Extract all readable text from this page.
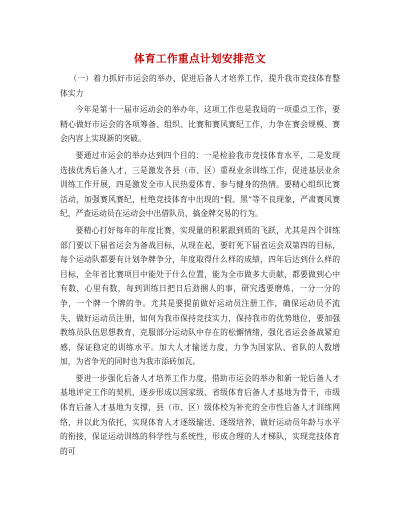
体育工作重点计划安排范文

（一）着力抓好市运会的举办，促进后备人才培养工作，提升我市竞技体育整体实力

今年是第十一届市运动会的举办年，这项工作也是我局的一项重点工作，要精心做好市运会的各项筹备、组织、比赛和赛风赛纪工作，力争在赛会规模、赛会内容上实现新的突破。

要通过市运会的举办达到四个目的：一是检验我市竞技体育水平，二是发现选拔优秀后备人才，三是激发各县（市、区）重视业余训练工作，促进基层业余训练工作开展，四是激发全市人民热爱体育、参与健身的热情。要精心组织比赛活动，加强赛风赛纪，杜绝竞技体育中出现的“假、黑”等不良现象，严肃赛风赛纪，严查运动员在运动会中出借队员、搞金牌交易的行为。

要精心打好每年的年度比赛，实现量的积累跟到质的飞跃，尤其是四个训练部门要以下届省运会为备战目标，从现在起，要盯死下届省运会双第四的目标，每个运动队都要有计划争牌争分，年度取得什么样的成绩，四年后达到什么样的目标，全年省比赛项目中能处于什么位置，能为全市做多大贡献，都要做到心中有数，心里有数，每到训练日把日后劲捆人的事，研究透要磨炼，一分一分的争，一个牌一个牌的争。尤其是要提前做好运动员注册工作，确保运动员不流失，做好运动员注册，如何为我市保持竞技实力，保持我市的优势地位，要加强教练员队伍思想教育，克服部分运动队中存在的松懈情绪，强化省运会备战紧迫感，保证稳定的训练水平。加大人才输送力度，力争为国家队、省队的人数增加，为省争光的同时也为我市添砖加瓦。

要进一步强化后备人才培养工作力度，借助市运会的举办和新一轮后备人才基地评定工作的契机，逐步形成以国家级、省级体育后备人才基地为骨干，市级体育后备人才基地为支撑，县（市、区）级体校为补充的全市性后备人才训练网络，并以此为依托，实现体育人才逐级输送、逐级培养，做好运动员年龄与水平的衔接，保证运动训练的科学性与系统性，形成合理的人才梯队，实现竞技体育的可
